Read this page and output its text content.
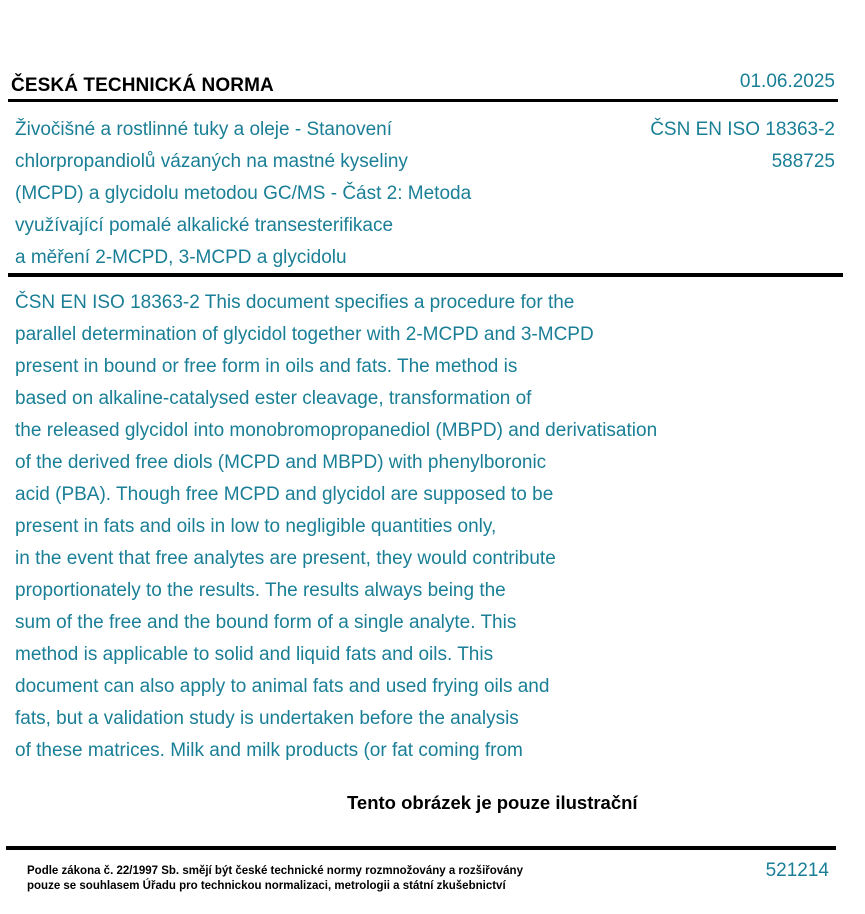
ČESKÁ TECHNICKÁ NORMA	01.06.2025
Živočišné a rostlinné tuky a oleje - Stanovení
chlorpropandiolů vázaných na mastné kyseliny
(MCPD) a glycidolu metodou GC/MS - Část 2: Metoda
využívající pomalé alkalické transesterifikace
a měření 2-MCPD, 3-MCPD a glycidolu
ČSN EN ISO 18363-2
588725
ČSN EN ISO 18363-2 This document specifies a procedure for the
parallel determination of glycidol together with 2-MCPD and 3-MCPD
present in bound or free form in oils and fats. The method is
based on alkaline-catalysed ester cleavage, transformation of
the released glycidol into monobromopropanediol (MBPD) and derivatisation
of the derived free diols (MCPD and MBPD) with phenylboronic
acid (PBA). Though free MCPD and glycidol are supposed to be
present in fats and oils in low to negligible quantities only,
in the event that free analytes are present, they would contribute
proportionately to the results. The results always being the
sum of the free and the bound form of a single analyte. This
method is applicable to solid and liquid fats and oils. This
document can also apply to animal fats and used frying oils and
fats, but a validation study is undertaken before the analysis
of these matrices. Milk and milk products (or fat coming from
Tento obrázek je pouze ilustrační
Podle zákona č. 22/1997 Sb. smějí být české technické normy rozmnožovány a rozšiřovány
pouze se souhlasem Úřadu pro technickou normalizaci, metrologii a státní zkušebnictví
521214
